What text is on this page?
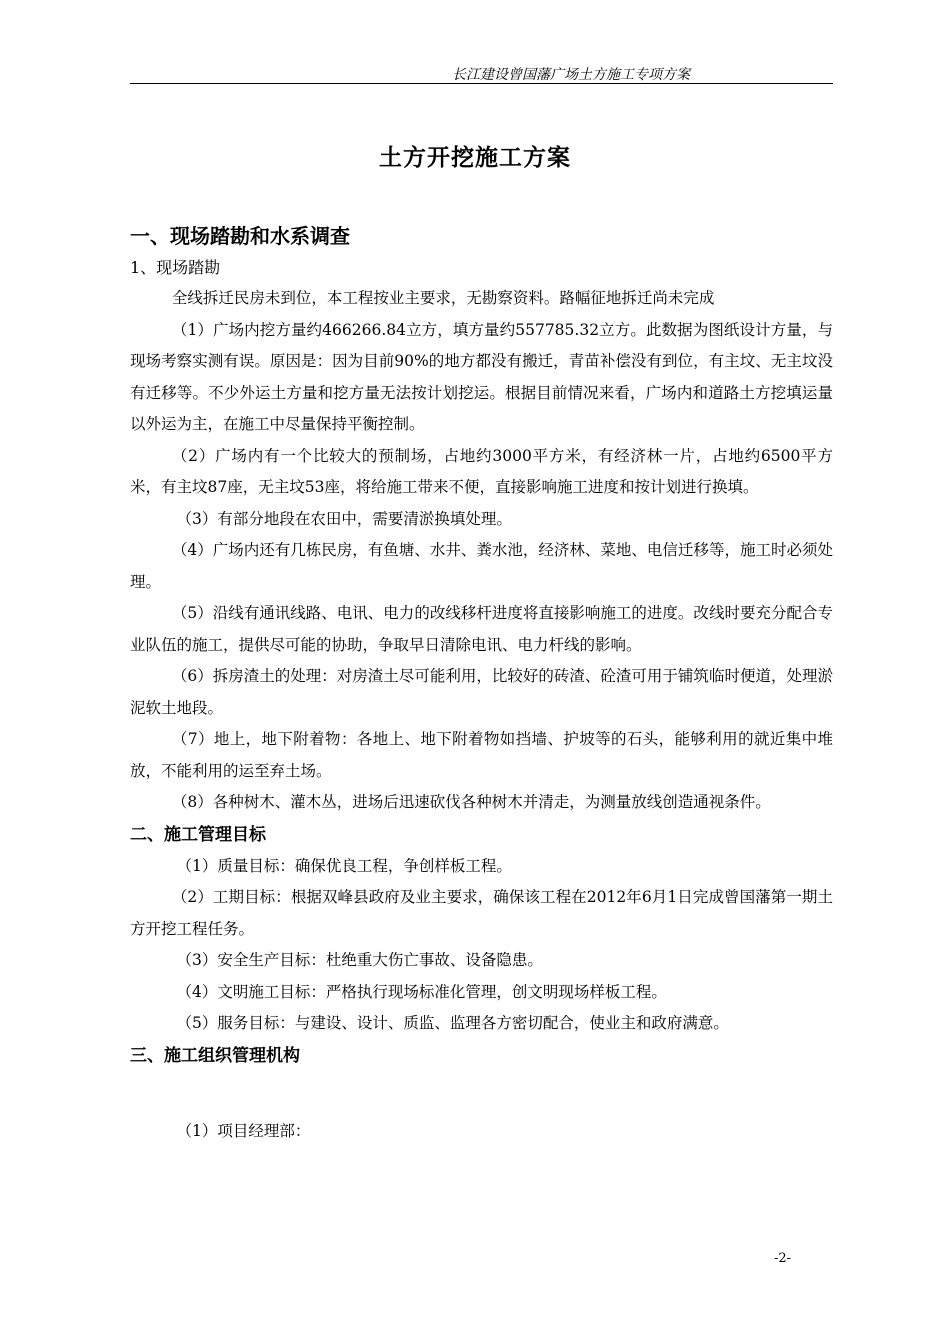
长江建设曾国藩广场土方施工专项方案
土方开挖施工方案
一、现场踏勘和水系调查
1、现场踏勘
全线拆迁民房未到位，本工程按业主要求，无勘察资料。路幅征地拆迁尚未完成
（1）广场内挖方量约466266.84立方，填方量约557785.32立方。此数据为图纸设计方量，与现场考察实测有误。原因是：因为目前90%的地方都没有搬迁，青苗补偿没有到位，有主坟、无主坟没有迁移等。不少外运土方量和挖方量无法按计划挖运。根据目前情况来看，广场内和道路土方挖填运量以外运为主，在施工中尽量保持平衡控制。
（2）广场内有一个比较大的预制场，占地约3000平方米，有经济林一片，占地约6500平方米，有主坟87座，无主坟53座，将给施工带来不便，直接影响施工进度和按计划进行换填。
（3）有部分地段在农田中，需要清淤换填处理。
（4）广场内还有几栋民房，有鱼塘、水井、粪水池，经济林、菜地、电信迁移等，施工时必须处理。
（5）沿线有通讯线路、电讯、电力的改线移杆进度将直接影响施工的进度。改线时要充分配合专业队伍的施工，提供尽可能的协助，争取早日清除电讯、电力杆线的影响。
（6）拆房渣土的处理：对房渣土尽可能利用，比较好的砖渣、砼渣可用于铺筑临时便道，处理淤泥软土地段。
（7）地上，地下附着物：各地上、地下附着物如挡墙、护坡等的石头，能够利用的就近集中堆放，不能利用的运至弃土场。
（8）各种树木、灌木丛，进场后迅速砍伐各种树木并清走，为测量放线创造通视条件。
二、施工管理目标
（1）质量目标：确保优良工程，争创样板工程。
（2）工期目标：根据双峰县政府及业主要求，确保该工程在2012年6月1日完成曾国藩第一期土方开挖工程任务。
（3）安全生产目标：杜绝重大伤亡事故、设备隐患。
（4）文明施工目标：严格执行现场标准化管理，创文明现场样板工程。
（5）服务目标：与建设、设计、质监、监理各方密切配合，使业主和政府满意。
三、施工组织管理机构
（1）项目经理部：
-2-
